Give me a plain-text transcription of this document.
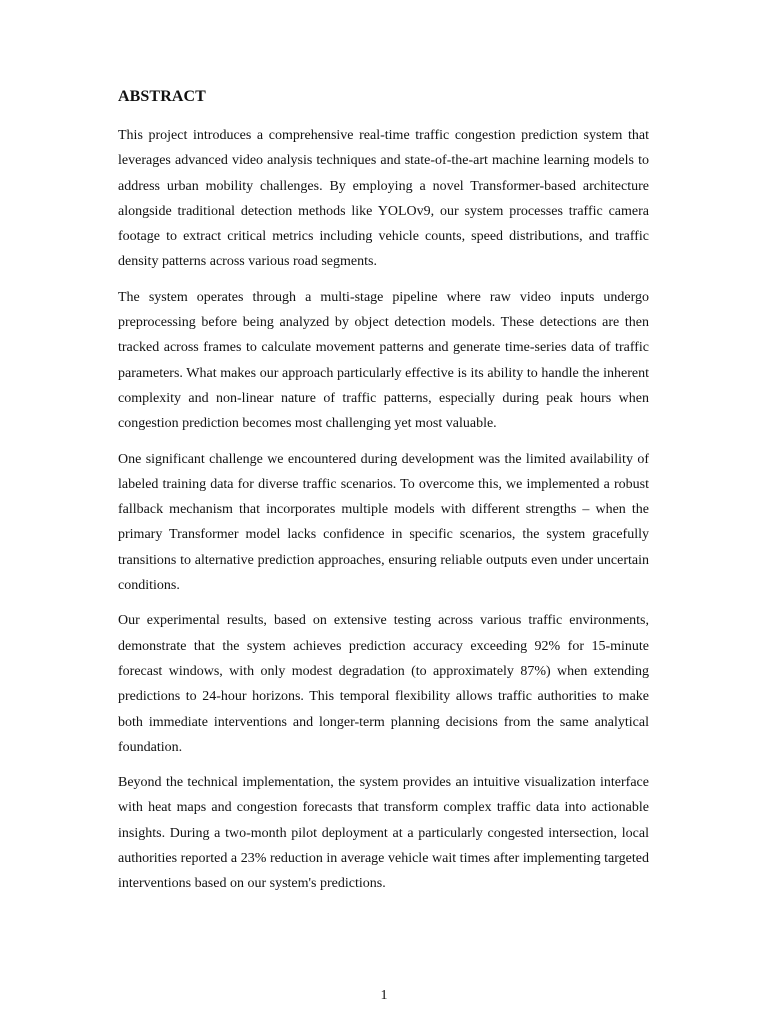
ABSTRACT

This project introduces a comprehensive real-time traffic congestion prediction system that leverages advanced video analysis techniques and state-of-the-art machine learning models to address urban mobility challenges. By employing a novel Transformer-based architecture alongside traditional detection methods like YOLOv9, our system processes traffic camera footage to extract critical metrics including vehicle counts, speed distributions, and traffic density patterns across various road segments.

The system operates through a multi-stage pipeline where raw video inputs undergo preprocessing before being analyzed by object detection models. These detections are then tracked across frames to calculate movement patterns and generate time-series data of traffic parameters. What makes our approach particularly effective is its ability to handle the inherent complexity and non-linear nature of traffic patterns, especially during peak hours when congestion prediction becomes most challenging yet most valuable.

One significant challenge we encountered during development was the limited availability of labeled training data for diverse traffic scenarios. To overcome this, we implemented a robust fallback mechanism that incorporates multiple models with different strengths – when the primary Transformer model lacks confidence in specific scenarios, the system gracefully transitions to alternative prediction approaches, ensuring reliable outputs even under uncertain conditions.

Our experimental results, based on extensive testing across various traffic environments, demonstrate that the system achieves prediction accuracy exceeding 92% for 15-minute forecast windows, with only modest degradation (to approximately 87%) when extending predictions to 24-hour horizons. This temporal flexibility allows traffic authorities to make both immediate interventions and longer-term planning decisions from the same analytical foundation.

Beyond the technical implementation, the system provides an intuitive visualization interface with heat maps and congestion forecasts that transform complex traffic data into actionable insights. During a two-month pilot deployment at a particularly congested intersection, local authorities reported a 23% reduction in average vehicle wait times after implementing targeted interventions based on our system's predictions.

1
